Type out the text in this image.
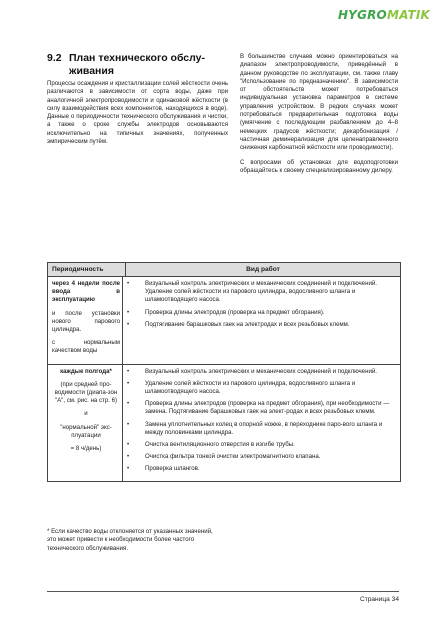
HYGROMATIK
9.2 План технического обслу-
живания
Процессы осаждения и кристаллизации солей жёсткости очень различаются в зависимости от сорта воды, даже при аналогичной электропроводимости и одинаковой жёсткости (в силу взаимодействия всех компонентов, находящихся в воде). Данные о периодичности технического обслуживания и чистки, а также о сроке службы электродов основываются исключительно на типичных значениях, полученных эмпирическим путём.

В большинстве случаев можно ориентироваться на диапазон электропроводимости, приведённый в данном руководстве по эксплуатации, см. также главу "Использование по предназначению". В зависимости от обстоятельств может потребоваться индивидуальная установка параметров в системе управления устройством. В редких случаях может потребоваться предварительная подготовка воды (умягчение с последующим разбавлением до 4–8 немецких градусов жёсткости; декарбонизация / частичная деминерализация для целенаправленного снижения карбонатной жёсткости или проводимости).

С вопросами об установках для водоподготовки обращайтесь к своему специализированному дилеру.

Периодичность	Вид работ
через 4 недели после ввода в эксплуатацию
и после установки нового парового цилиндра.
с нормальным качеством воды
•	Визуальный контроль электрических и механических соединений и подключений. Удаление солей жёсткости из парового цилиндра, водосливного шланга и шламоотводящего насоса.
•	Проверка длины электродов (проверка на предмет обгорания).
•	Подтягивание барашковых гаек на электродах и всех резьбовых клемм.
каждые полгода*
(при средней про-водимости (диапа-зон "А", см. рис. на стр. 6)
и
"нормальной" экс-плуатации
= 8 ч/день)
•	Визуальный контроль электрических и механических соединений и подключений.
•	Удаление солей жёсткости из парового цилиндра, водосливного шланга и шламоотводящего насоса.
•	Проверка длины электродов (проверка на предмет обгорания), при необходимости — замена. Подтягивание барашковых гаек на элект-родах и всех резьбовых клемм.
•	Замена уплотнительных колец в опорной ножке, в переходнике паро-вого шланга и между половинками цилиндра.
•	Очистка вентиляционного отверстия в изгибе трубы.
•	Очистка фильтра тонкой очистки электромагнитного клапана.
•	Проверка шлангов.
* Если качество воды отклоняется от указанных значений, это может привести к необходимости более частого технического обслуживания.
Страница 34
